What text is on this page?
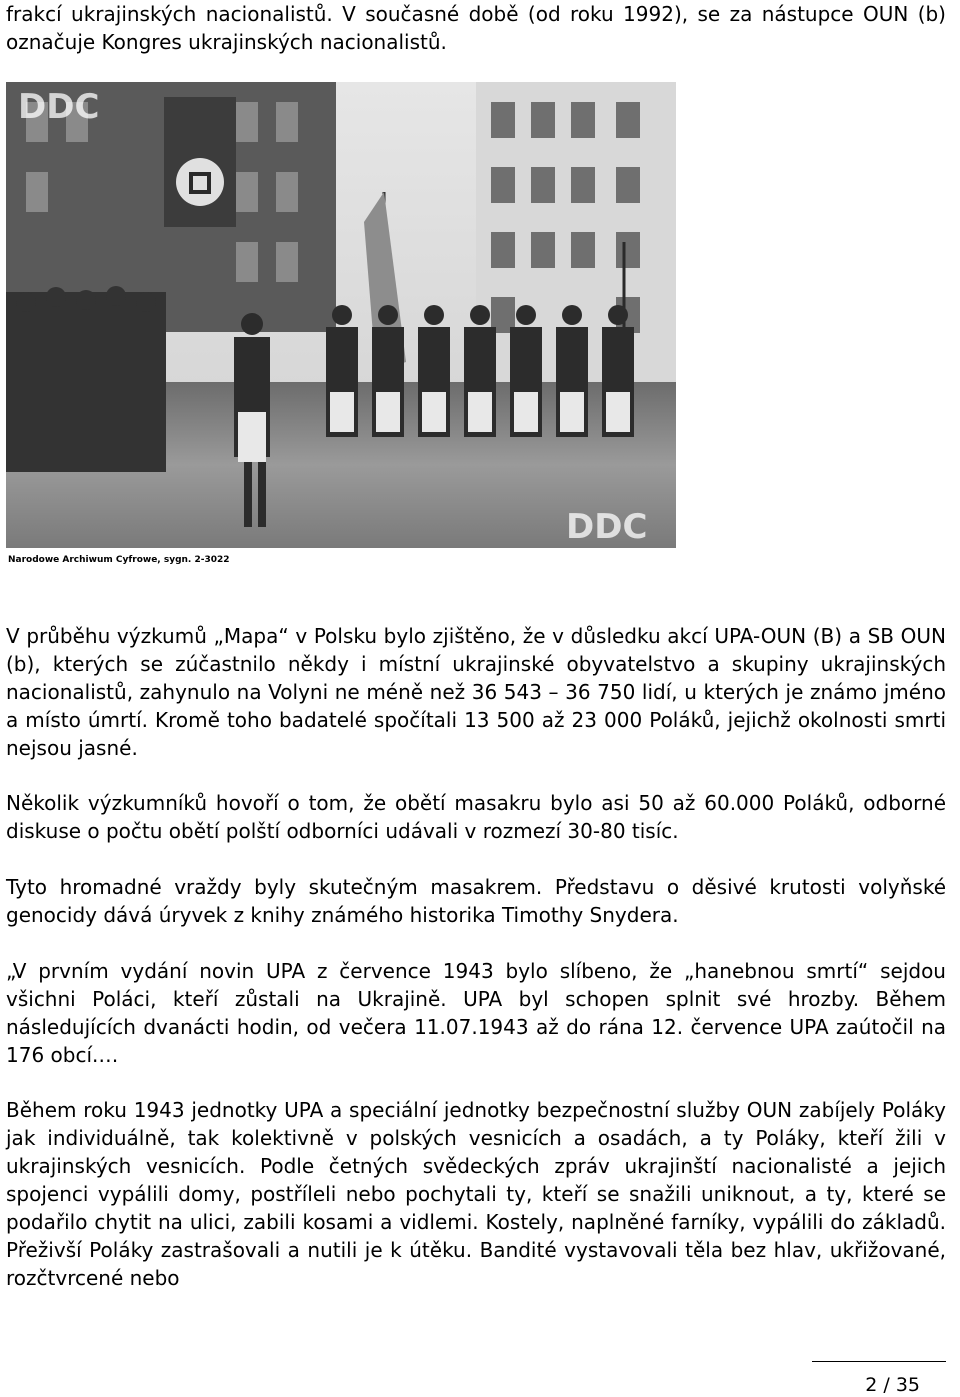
frakcí ukrajinských nacionalistů. V současné době (od roku 1992), se za nástupce OUN (b) označuje Kongres ukrajinských nacionalistů.

DDC
DDC
Narodowe Archiwum Cyfrowe, sygn. 2-3022

V průběhu výzkumů „Mapa“ v Polsku bylo zjištěno, že v důsledku akcí UPA-OUN (B) a SB OUN (b), kterých se zúčastnilo někdy i místní ukrajinské obyvatelstvo a skupiny ukrajinských nacionalistů, zahynulo na Volyni ne méně než 36 543 – 36 750 lidí, u kterých je známo jméno a místo úmrtí. Kromě toho badatelé spočítali 13 500 až 23 000 Poláků, jejichž okolnosti smrti nejsou jasné.

Několik výzkumníků hovoří o tom, že obětí masakru bylo asi 50 až 60.000 Poláků, odborné diskuse o počtu obětí polští odborníci udávali v rozmezí 30-80 tisíc.

Tyto hromadné vraždy byly skutečným masakrem. Představu o děsivé krutosti volyňské genocidy dává úryvek z knihy známého historika Timothy Snydera.

„V prvním vydání novin UPA z července 1943 bylo slíbeno, že „hanebnou smrtí“ sejdou všichni Poláci, kteří zůstali na Ukrajině. UPA byl schopen splnit své hrozby. Během následujících dvanácti hodin, od večera 11.07.1943 až do rána 12. července UPA zaútočil na 176 obcí.…

Během roku 1943 jednotky UPA a speciální jednotky bezpečnostní služby OUN zabíjely Poláky jak individuálně, tak kolektivně v polských vesnicích a osadách, a ty Poláky, kteří žili v ukrajinských vesnicích. Podle četných svědeckých zpráv ukrajinští nacionalisté a jejich spojenci vypálili domy, postříleli nebo pochytali ty, kteří se snažili uniknout, a ty, které se podařilo chytit na ulici, zabili kosami a vidlemi. Kostely, naplněné farníky, vypálili do základů. Přeživší Poláky zastrašovali a nutili je k útěku. Bandité vystavovali těla bez hlav, ukřižované, rozčtvrcené nebo

2 / 35
